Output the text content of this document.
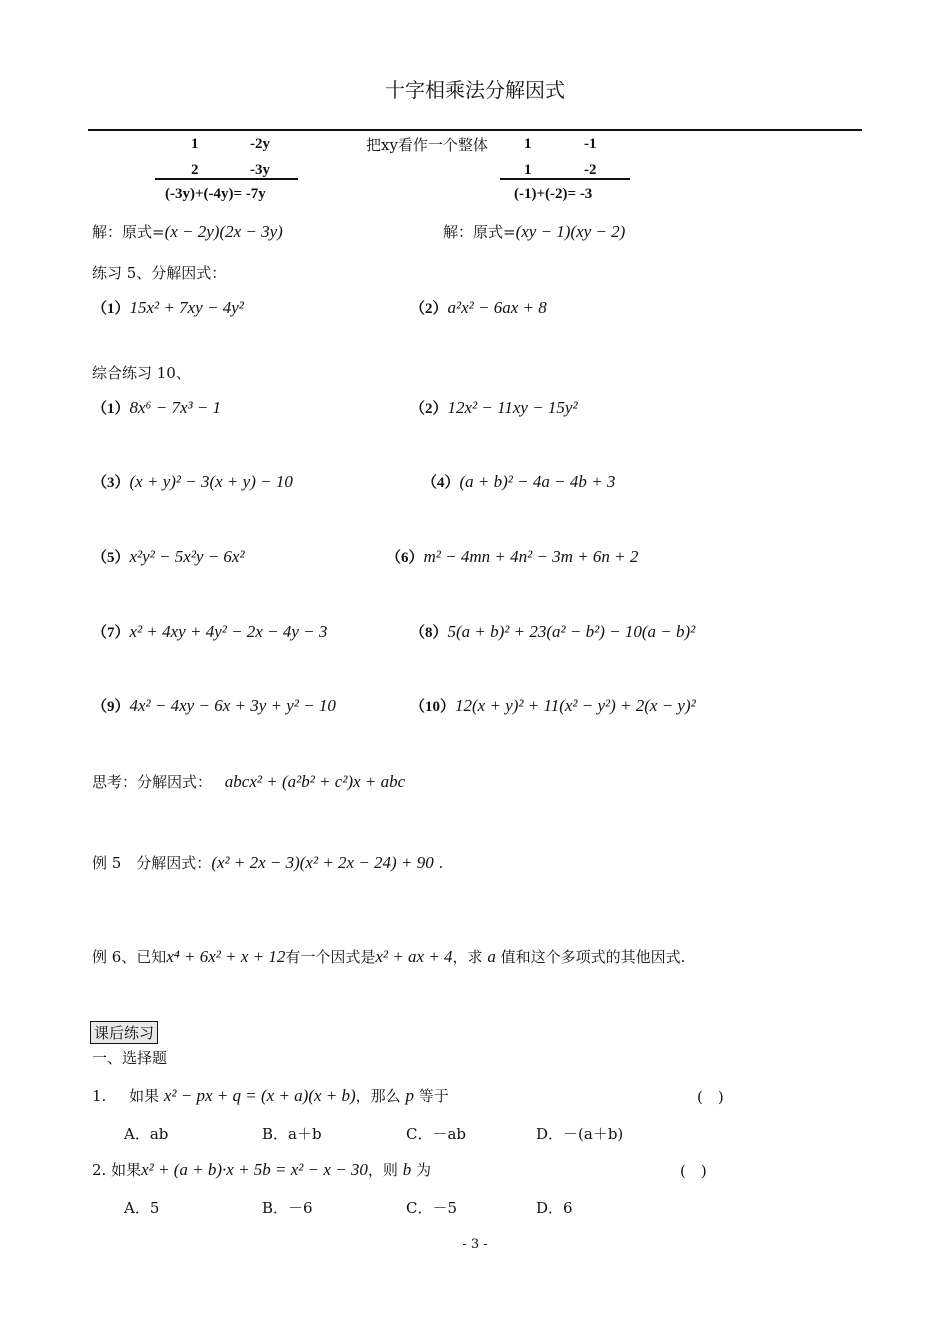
十字相乘法分解因式
1	-2y
2	-3y
(-3y)+(-4y)= -7y
把xy看作一个整体 1	-1
1	-2
(-1)+(-2)= -3
解：原式=(x − 2y)(2x − 3y)	解：原式=(xy − 1)(xy − 2)
练习 5、分解因式：
（1）15x² + 7xy − 4y²	（2）a²x² − 6ax + 8
综合练习 10、
（1）8x⁶ − 7x³ − 1	（2）12x² − 11xy − 15y²
（3）(x + y)² − 3(x + y) − 10	（4）(a + b)² − 4a − 4b + 3
（5）x²y² − 5x²y − 6x²	（6）m² − 4mn + 4n² − 3m + 6n + 2
（7）x² + 4xy + 4y² − 2x − 4y − 3	（8）5(a + b)² + 23(a² − b²) − 10(a − b)²
（9）4x² − 4xy − 6x + 3y + y² − 10	（10）12(x + y)² + 11(x² − y²) + 2(x − y)²
思考：分解因式： abcx² + (a²b² + c²)x + abc
例 5　分解因式：(x² + 2x − 3)(x² + 2x − 24) + 90 .
例 6、已知x⁴ + 6x² + x + 12有一个因式是x² + ax + 4，求 a 值和这个多项式的其他因式.
课后练习
一、选择题
1. 如果 x² − px + q = (x + a)(x + b)，那么 p 等于	(　)
A．ab	B．a＋b	C．－ab	D．－(a＋b)
2. 如果x² + (a + b)·x + 5b = x² − x − 30，则 b 为	(　)
A．5	B．－6	C．－5	D．6
- 3 -
